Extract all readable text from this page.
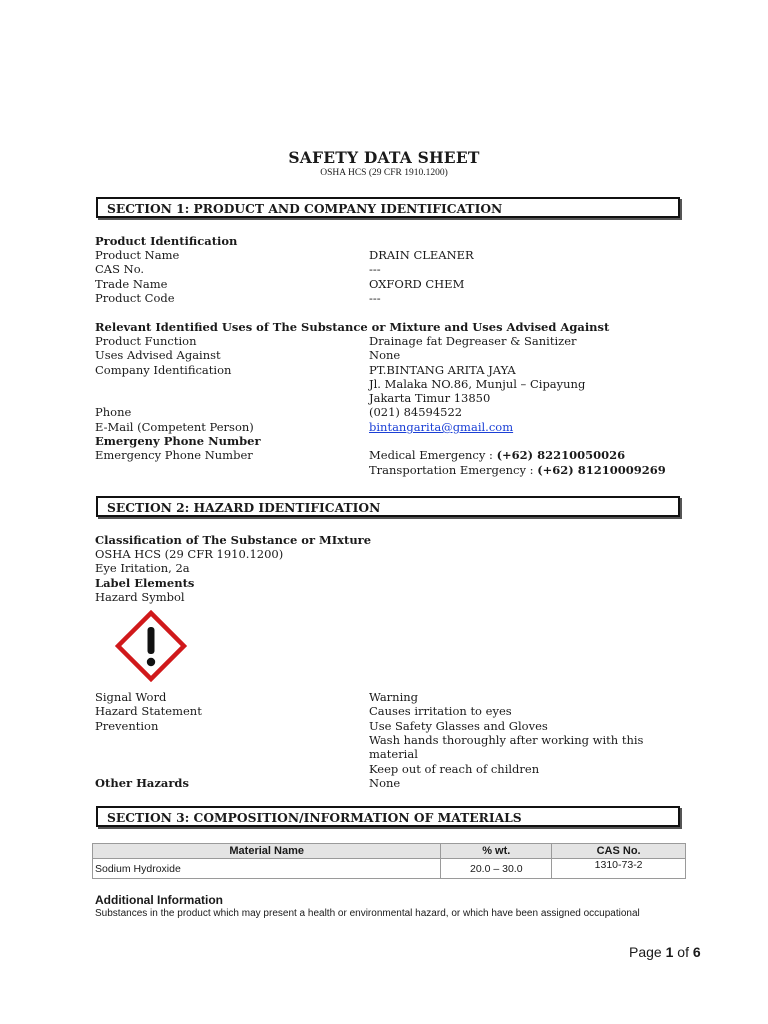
SAFETY DATA SHEET
OSHA HCS (29 CFR 1910.1200)
SECTION 1: PRODUCT AND COMPANY IDENTIFICATION
Product Identification
Product Name	DRAIN CLEANER
CAS No.	---
Trade Name	OXFORD CHEM
Product Code	---
Relevant Identified Uses of The Substance or Mixture and Uses Advised Against
Product Function	Drainage fat Degreaser & Sanitizer
Uses Advised Against	None
Company Identification	PT.BINTANG ARITA JAYA
Jl. Malaka NO.86, Munjul – Cipayung
Jakarta Timur 13850
Phone	(021) 84594522
E-Mail (Competent Person)	bintangarita@gmail.com
Emergeny Phone Number
Emergency Phone Number	Medical Emergency : (+62) 82210050026
Transportation Emergency : (+62) 81210009269
SECTION 2: HAZARD IDENTIFICATION
Classification of The Substance or MIxture
OSHA HCS (29 CFR 1910.1200)
Eye Iritation, 2a
Label Elements
Hazard Symbol
Signal Word	Warning
Hazard Statement	Causes irritation to eyes
Prevention	Use Safety Glasses and Gloves
Wash hands thoroughly after working with this
material
Keep out of reach of children
Other Hazards	None
SECTION 3: COMPOSITION/INFORMATION OF MATERIALS
Material Name	% wt.	CAS No.
Sodium Hydroxide	20.0 – 30.0	1310-73-2
Additional Information
Substances in the product which may present a health or environmental hazard, or which have been assigned occupational
Page 1 of 6
